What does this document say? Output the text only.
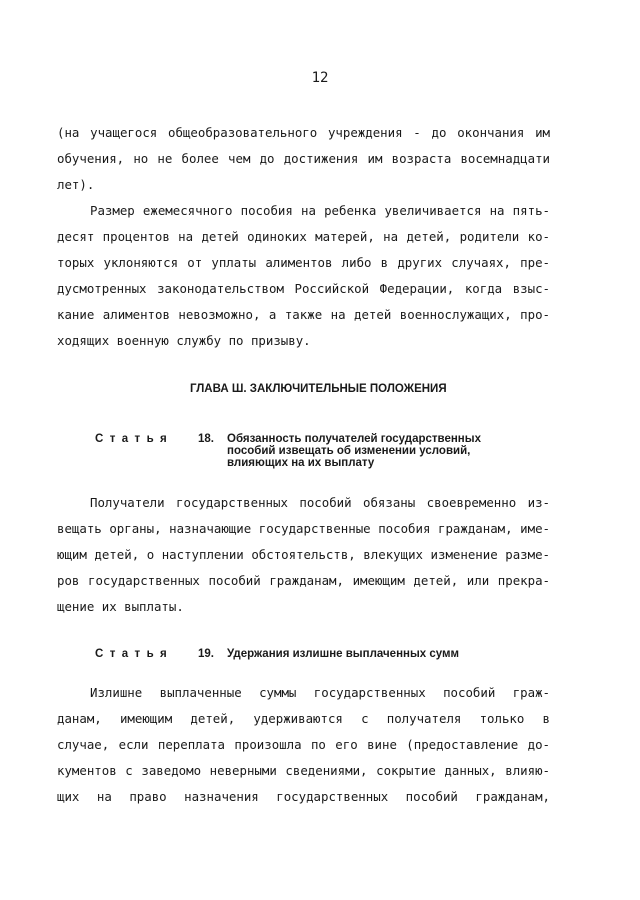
12

(на учащегося общеобразовательного учреждения - до окончания им

обучения, но не более чем до достижения им возраста восемнадцати

лет).

Размер ежемесячного пособия на ребенка увеличивается на пять-

десят процентов на детей одиноких матерей, на детей, родители ко-

торых уклоняются от уплаты алиментов либо в других случаях, пре-

дусмотренных законодательством Российской Федерации, когда взыс-

кание алиментов невозможно, а также на детей военнослужащих, про-

ходящих военную службу по призыву.

ГЛАВА Ш. ЗАКЛЮЧИТЕЛЬНЫЕ ПОЛОЖЕНИЯ

Статья 18. Обязанность получателей государственных

пособий извещать об изменении условий,

влияющих на их выплату

Получатели государственных пособий обязаны своевременно из-

вещать органы, назначающие государственные пособия гражданам, име-

ющим детей, о наступлении обстоятельств, влекущих изменение разме-

ров государственных пособий гражданам, имеющим детей, или прекра-

щение их выплаты.

Статья 19. Удержания излишне выплаченных сумм

Излишне выплаченные суммы государственных пособий граж-

данам, имеющим детей, удерживаются с получателя только в

случае, если переплата произошла по его вине (предоставление до-

кументов с заведомо неверными сведениями, сокрытие данных, влияю-

щих на право назначения государственных пособий гражданам,
